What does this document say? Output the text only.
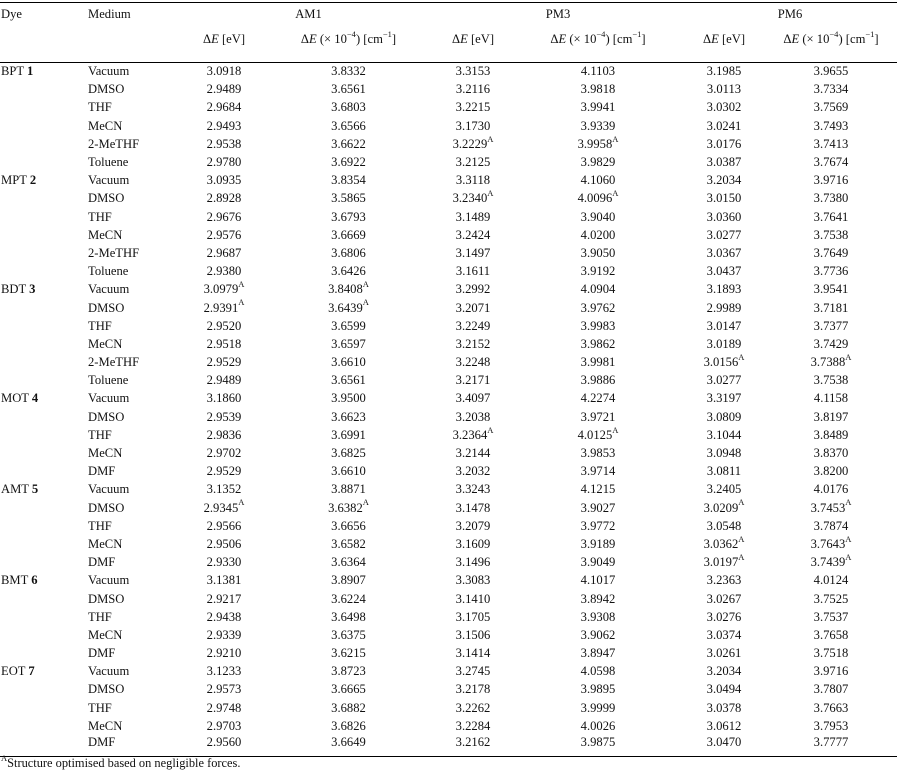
Dye	Medium	AM1		PM3		PM6	
		ΔE [eV]	ΔE (× $10^{-4}$) $[cm^{-1}]$	ΔE [eV]	ΔE (× $10^{-4}$) $[cm^{-1}]$	ΔE [eV]	ΔE (× $10^{-4}$) $[cm^{-1}]$
BPT 1	Vacuum	3.0918	3.8332	3.3153	4.1103	3.1985	3.9655
	DMSO	2.9489	3.6561	3.2116	3.9818	3.0113	3.7334
	THF	2.9684	3.6803	3.2215	3.9941	3.0302	3.7569
	MeCN	2.9493	3.6566	3.1730	3.9339	3.0241	3.7493
	2-MeTHF	2.9538	3.6622	$3.2229^A$	$3.9958^A$	3.0176	3.7413
	Toluene	2.9780	3.6922	3.2125	3.9829	3.0387	3.7674
MPT 2	Vacuum	3.0935	3.8354	3.3118	4.1060	3.2034	3.9716
	DMSO	2.8928	3.5865	$3.2340^A$	$4.0096^A$	3.0150	3.7380
	THF	2.9676	3.6793	3.1489	3.9040	3.0360	3.7641
	MeCN	2.9576	3.6669	3.2424	4.0200	3.0277	3.7538
	2-MeTHF	2.9687	3.6806	3.1497	3.9050	3.0367	3.7649
	Toluene	2.9380	3.6426	3.1611	3.9192	3.0437	3.7736
BDT 3	Vacuum	$3.0979^A$	$3.8408^A$	3.2992	4.0904	3.1893	3.9541
	DMSO	$2.9391^A$	$3.6439^A$	3.2071	3.9762	2.9989	3.7181
	THF	2.9520	3.6599	3.2249	3.9983	3.0147	3.7377
	MeCN	2.9518	3.6597	3.2152	3.9862	3.0189	3.7429
	2-MeTHF	2.9529	3.6610	3.2248	3.9981	$3.0156^A$	$3.7388^A$
	Toluene	2.9489	3.6561	3.2171	3.9886	3.0277	3.7538
MOT 4	Vacuum	3.1860	3.9500	3.4097	4.2274	3.3197	4.1158
	DMSO	2.9539	3.6623	3.2038	3.9721	3.0809	3.8197
	THF	2.9836	3.6991	$3.2364^A$	$4.0125^A$	3.1044	3.8489
	MeCN	2.9702	3.6825	3.2144	3.9853	3.0948	3.8370
	DMF	2.9529	3.6610	3.2032	3.9714	3.0811	3.8200
AMT 5	Vacuum	3.1352	3.8871	3.3243	4.1215	3.2405	4.0176
	DMSO	$2.9345^A$	$3.6382^A$	3.1478	3.9027	$3.0209^A$	$3.7453^A$
	THF	2.9566	3.6656	3.2079	3.9772	3.0548	3.7874
	MeCN	2.9506	3.6582	3.1609	3.9189	$3.0362^A$	$3.7643^A$
	DMF	2.9330	3.6364	3.1496	3.9049	$3.0197^A$	$3.7439^A$
BMT 6	Vacuum	3.1381	3.8907	3.3083	4.1017	3.2363	4.0124
	DMSO	2.9217	3.6224	3.1410	3.8942	3.0267	3.7525
	THF	2.9438	3.6498	3.1705	3.9308	3.0276	3.7537
	MeCN	2.9339	3.6375	3.1506	3.9062	3.0374	3.7658
	DMF	2.9210	3.6215	3.1414	3.8947	3.0261	3.7518
EOT 7	Vacuum	3.1233	3.8723	3.2745	4.0598	3.2034	3.9716
	DMSO	2.9573	3.6665	3.2178	3.9895	3.0494	3.7807
	THF	2.9748	3.6882	3.2262	3.9999	3.0378	3.7663
	MeCN	2.9703	3.6826	3.2284	4.0026	3.0612	3.7953
	DMF	2.9560	3.6649	3.2162	3.9875	3.0470	3.7777
$^A$Structure optimised based on negligible forces.
